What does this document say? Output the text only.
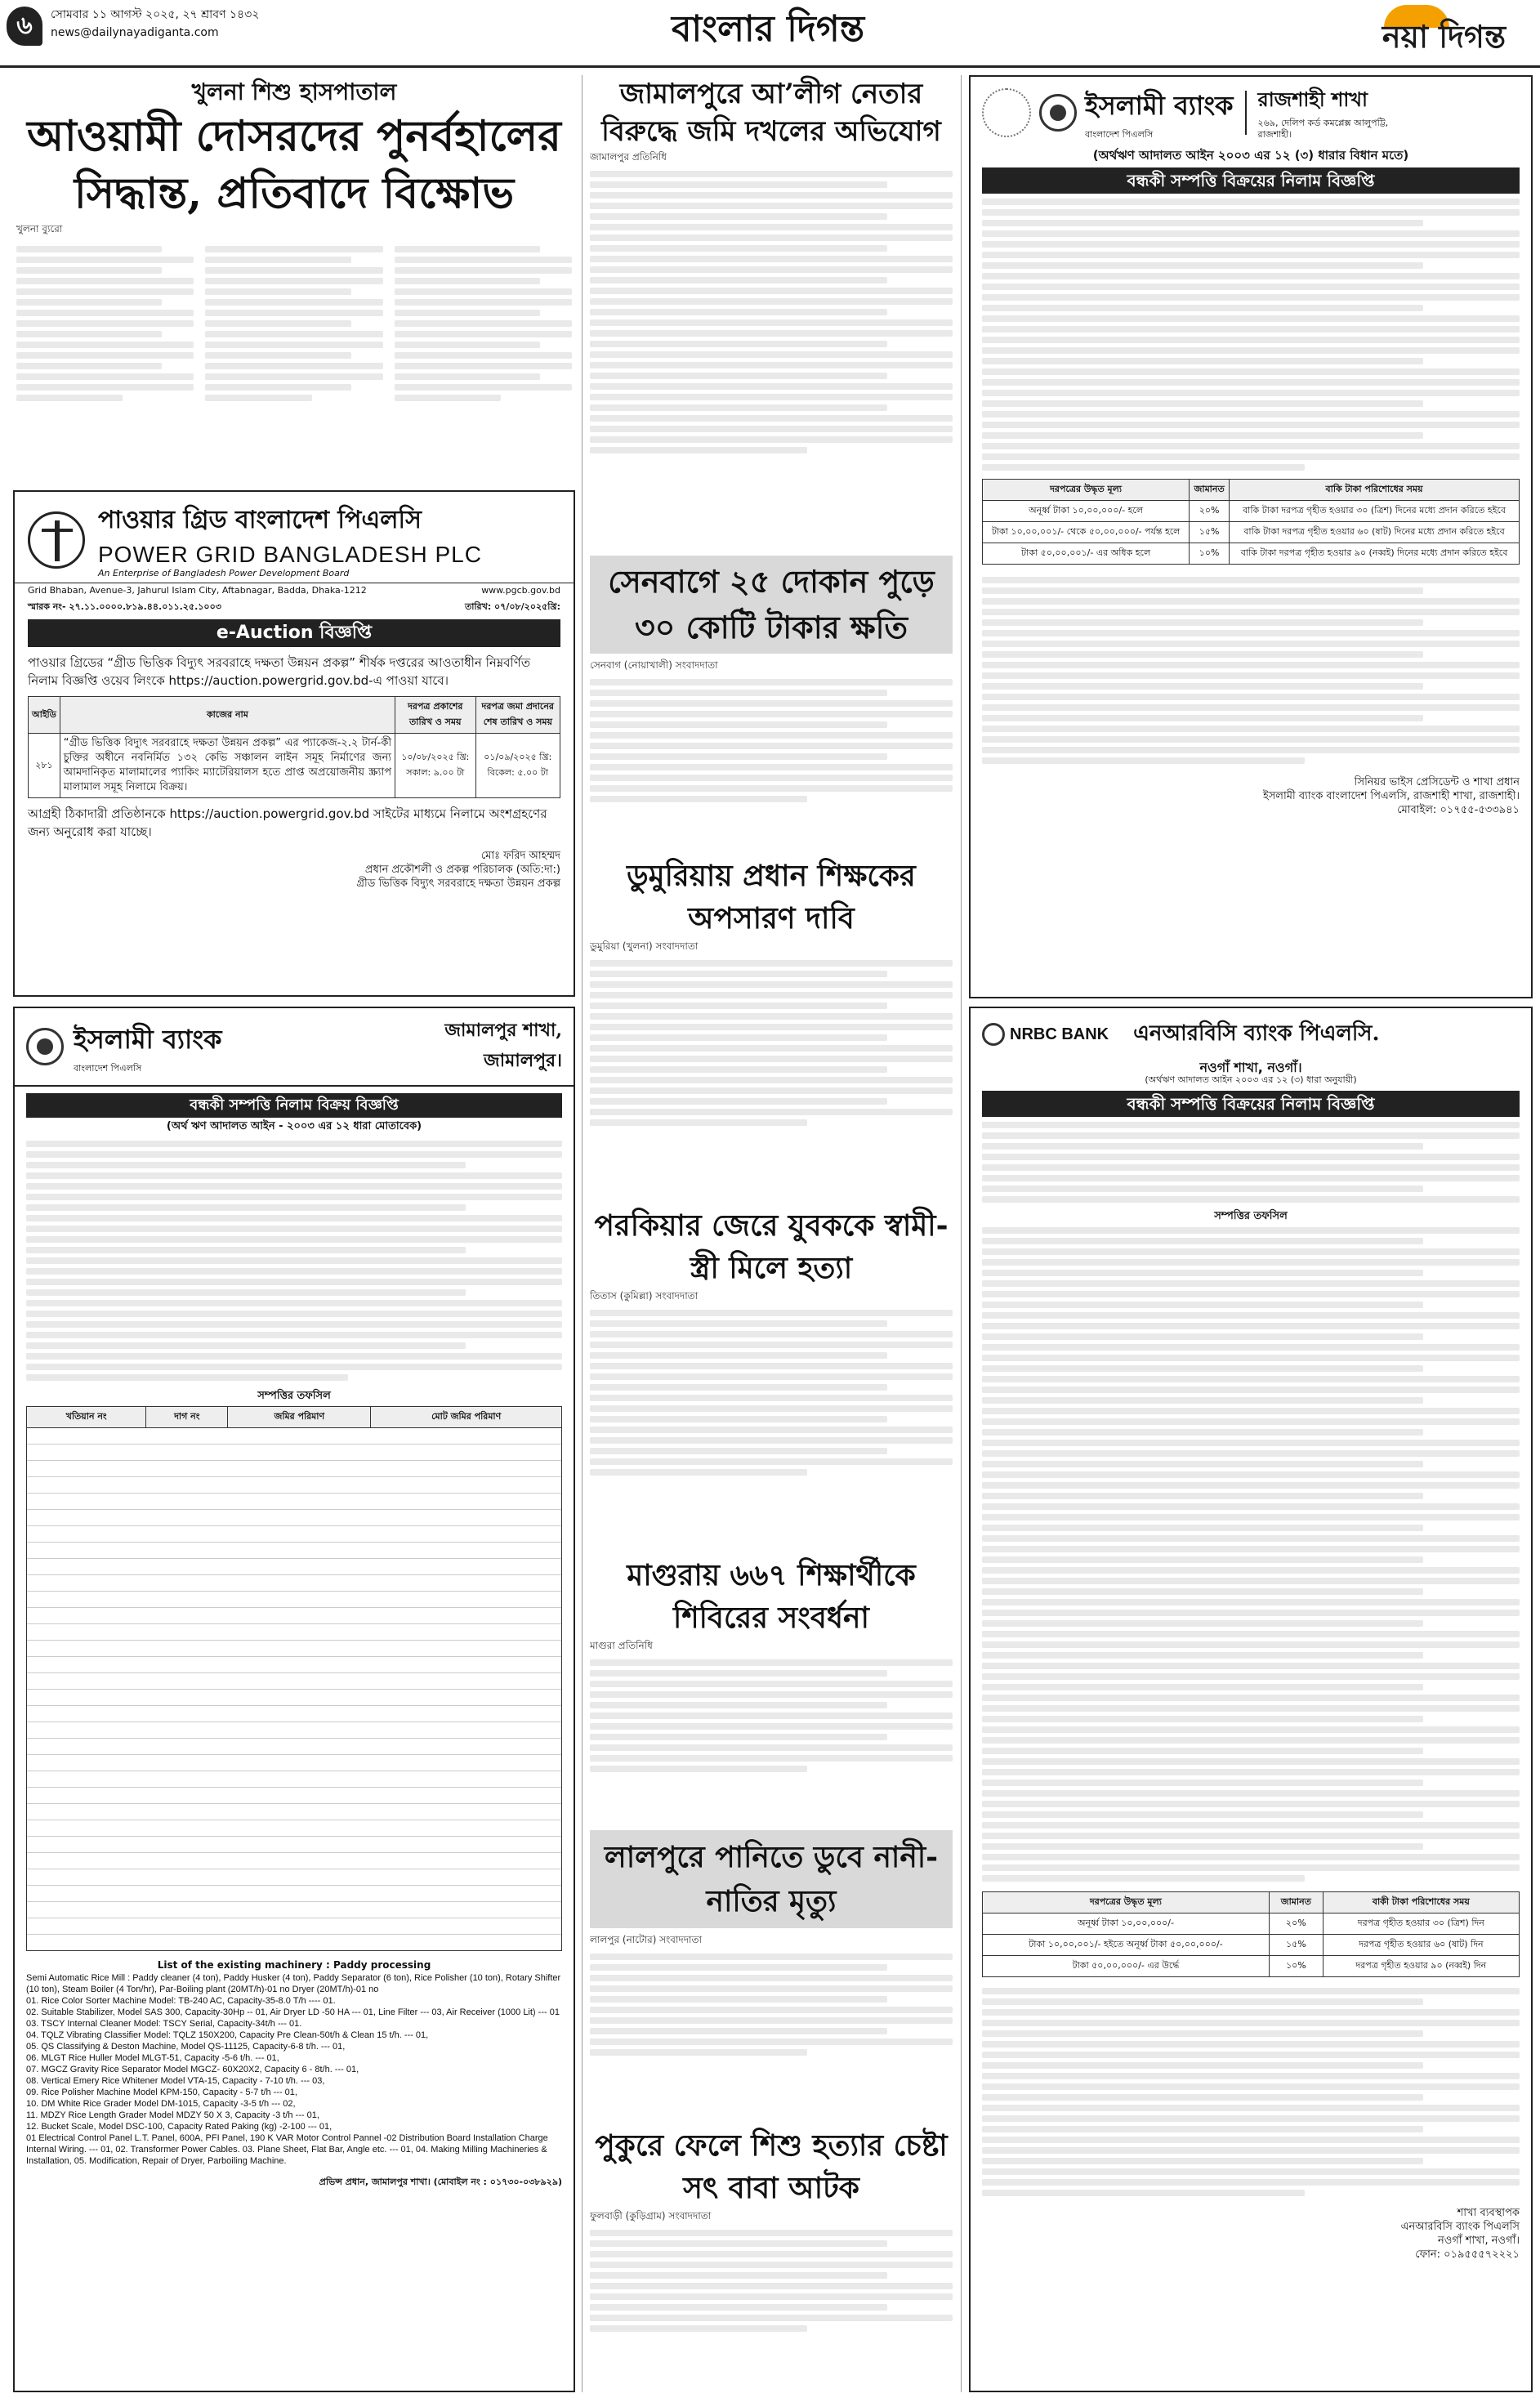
৬	সোমবার ১১ আগস্ট ২০২৫, ২৭ শ্রাবণ ১৪৩২
news@dailynayadiganta.com	বাংলার দিগন্ত	নয়া দিগন্ত
খুলনা শিশু হাসপাতাল
আওয়ামী দোসরদের পুনর্বহালের সিদ্ধান্ত, প্রতিবাদে বিক্ষোভ
খুলনা ব্যুরো
পাওয়ার গ্রিড বাংলাদেশ পিএলসি
POWER GRID BANGLADESH PLC
An Enterprise of Bangladesh Power Development Board
Grid Bhaban, Avenue-3, Jahurul Islam City, Aftabnagar, Badda, Dhaka-1212	www.pgcb.gov.bd
স্মারক নং- ২৭.১১.০০০০.৮১৯.৪৪.০১১.২৫.১০০৩	তারিখ: ০৭/০৮/২০২৫খ্রি:
e-Auction বিজ্ঞপ্তি
পাওয়ার গ্রিডের “গ্রীড ভিত্তিক বিদ্যুৎ সরবরাহে দক্ষতা উন্নয়ন প্রকল্প” শীর্ষক দপ্তরের আওতাধীন নিম্নবর্ণিত নিলাম বিজ্ঞপ্তি ওয়েব লিংকে https://auction.powergrid.gov.bd-এ পাওয়া যাবে।
আইডি	কাজের নাম	দরপত্র প্রকাশের তারিখ ও সময়	দরপত্র জমা প্রদানের শেষ তারিখ ও সময়
২৮১	“গ্রীড ভিত্তিক বিদ্যুৎ সরবরাহে দক্ষতা উন্নয়ন প্রকল্প” এর প্যাকেজ-২.২ টার্ন-কী চুক্তির অধীনে নবনির্মিত ১৩২ কেভি সঞ্চালন লাইন সমূহ নির্মাণের জন্য আমদানিকৃত মালামালের প্যাকিং ম্যাটেরিয়ালস হতে প্রাপ্ত অপ্রয়োজনীয় স্ক্র্যাপ মালামাল সমূহ নিলামে বিক্রয়।	১০/০৮/২০২৫ খ্রি: সকাল: ৯.০০ টা	০১/০৯/২০২৫ খ্রি: বিকেল: ৫.০০ টা
আগ্রহী ঠিকাদারী প্রতিষ্ঠানকে https://auction.powergrid.gov.bd সাইটের মাধ্যমে নিলামে অংশগ্রহণের জন্য অনুরোধ করা যাচ্ছে।
মোঃ ফরিদ আহম্মদ
প্রধান প্রকৌশলী ও প্রকল্প পরিচালক (অতি:দা:)
গ্রীড ভিত্তিক বিদ্যুৎ সরবরাহে দক্ষতা উন্নয়ন প্রকল্প
ইসলামী ব্যাংক
বাংলাদেশ পিএলসি
জামালপুর শাখা,
জামালপুর।
বন্ধকী সম্পত্তি নিলাম বিক্রয় বিজ্ঞপ্তি
(অর্থ ঋণ আদালত আইন - ২০০৩ এর ১২ ধারা মোতাবেক)
সম্পত্তির তফসিল
খতিয়ান নং	দাগ নং	জমির পরিমাণ	মোট জমির পরিমাণ
List of the existing machinery : Paddy processing
Semi Automatic Rice Mill : Paddy cleaner (4 ton), Paddy Husker (4 ton), Paddy Separator (6 ton), Rice Polisher (10 ton), Rotary Shifter (10 ton), Steam Boiler (4 Ton/hr), Par-Boiling plant (20MT/h)-01 no Dryer (20MT/h)-01 no
01. Rice Color Sorter Machine Model: TB-240 AC, Capacity-35-8.0 T/h ---- 01.
02. Suitable Stabilizer, Model SAS 300, Capacity-30Hp -- 01, Air Dryer LD -50 HA --- 01, Line Filter --- 03, Air Receiver (1000 Lit) --- 01
03. TSCY Internal Cleaner Model: TSCY Serial, Capacity-34t/h --- 01.
04. TQLZ Vibrating Classifier Model: TQLZ 150X200, Capacity Pre Clean-50t/h & Clean 15 t/h. --- 01,
05. QS Classifying & Deston Machine, Model QS-11125, Capacity-6-8 t/h. --- 01,
06. MLGT Rice Huller Model MLGT-51, Capacity -5-6 t/h. --- 01,
07. MGCZ Gravity Rice Separator Model MGCZ- 60X20X2, Capacity 6 - 8t/h. --- 01,
08. Vertical Emery Rice Whitener Model VTA-15, Capacity - 7-10 t/h. --- 03,
09. Rice Polisher Machine Model KPM-150, Capacity - 5-7 t/h --- 01,
10. DM White Rice Grader Model DM-1015, Capacity -3-5 t/h --- 02,
11. MDZY Rice Length Grader Model MDZY 50 X 3, Capacity -3 t/h --- 01,
12. Bucket Scale, Model DSC-100, Capacity Rated Paking (kg) -2-100 --- 01,
01 Electrical Control Panel L.T. Panel, 600A, PFI Panel, 190 K VAR Motor Control Pannel -02 Distribution Board Installation Charge Internal Wiring. --- 01, 02. Transformer Power Cables. 03. Plane Sheet, Flat Bar, Angle etc. --- 01, 04. Making Milling Machineries & Installation, 05. Modification, Repair of Dryer, Parboiling Machine.
প্রভিন্স প্রধান, জামালপুর শাখা। (মোবাইল নং : ০১৭৩০-০৩৮৯২৯)
জামালপুরে আ’লীগ নেতার বিরুদ্ধে জমি দখলের অভিযোগ
জামালপুর প্রতিনিধি
সেনবাগে ২৫ দোকান পুড়ে ৩০ কোটি টাকার ক্ষতি
সেনবাগ (নোয়াখালী) সংবাদদাতা
ডুমুরিয়ায় প্রধান শিক্ষকের অপসারণ দাবি
ডুমুরিয়া (খুলনা) সংবাদদাতা
পরকিয়ার জেরে যুবককে স্বামী-স্ত্রী মিলে হত্যা
তিতাস (কুমিল্লা) সংবাদদাতা
মাগুরায় ৬৬৭ শিক্ষার্থীকে শিবিরের সংবর্ধনা
মাগুরা প্রতিনিধি
লালপুরে পানিতে ডুবে নানী-নাতির মৃত্যু
লালপুর (নাটোর) সংবাদদাতা
পুকুরে ফেলে শিশু হত্যার চেষ্টা সৎ বাবা আটক
ফুলবাড়ী (কুড়িগ্রাম) সংবাদদাতা
ইসলামী ব্যাংক
বাংলাদেশ পিএলসি
রাজশাহী শাখা
২৬৯, দেলিপ কর্ড কমপ্লেক্স আলুপট্টি, রাজশাহী।
(অর্থঋণ আদালত আইন ২০০৩ এর ১২ (৩) ধারার বিধান মতে)
বন্ধকী সম্পত্তি বিক্রয়ের নিলাম বিজ্ঞপ্তি
দরপত্রের উদ্ধৃত মূল্য	জামানত	বাকি টাকা পরিশোধের সময়
অনূর্ধ্ব টাকা ১০,০০,০০০/- হলে	২০%	বাকি টাকা দরপত্র গৃহীত হওয়ার ৩০ (ত্রিশ) দিনের মধ্যে প্রদান করিতে হইবে
টাকা ১০,০০,০০১/- থেকে ৫০,০০,০০০/- পর্যন্ত হলে	১৫%	বাকি টাকা দরপত্র গৃহীত হওয়ার ৬০ (ষাট) দিনের মধ্যে প্রদান করিতে হইবে
টাকা ৫০,০০,০০১/- এর অধিক হলে	১০%	বাকি টাকা দরপত্র গৃহীত হওয়ার ৯০ (নব্বই) দিনের মধ্যে প্রদান করিতে হইবে
সিনিয়র ভাইস প্রেসিডেন্ট ও শাখা প্রধান
ইসলামী ব্যাংক বাংলাদেশ পিএলসি, রাজশাহী শাখা, রাজশাহী।
মোবাইল: ০১৭৫৫-৫৩৩৯৪১
NRBC BANK এনআরবিসি ব্যাংক পিএলসি.
নওগাঁ শাখা, নওগাঁ।
(অর্থঋণ আদালত আইন ২০০৩ এর ১২ (৩) ধারা অনুযায়ী)
বন্ধকী সম্পত্তি বিক্রয়ের নিলাম বিজ্ঞপ্তি
সম্পত্তির তফসিল
দরপত্রের উদ্ধৃত মূল্য	জামানত	বাকী টাকা পরিশোধের সময়
অনূর্ধ্ব টাকা ১০,০০,০০০/-	২০%	দরপত্র গৃহীত হওয়ার ৩০ (ত্রিশ) দিন
টাকা ১০,০০,০০১/- হইতে অনূর্ধ্ব টাকা ৫০,০০,০০০/-	১৫%	দরপত্র গৃহীত হওয়ার ৬০ (ষাট) দিন
টাকা ৫০,০০,০০০/- এর উর্দ্ধে	১০%	দরপত্র গৃহীত হওয়ার ৯০ (নব্বই) দিন
শাখা ব্যবস্থাপক
এনআরবিসি ব্যাংক পিএলসি
নওগাঁ শাখা, নওগাঁ।
ফোন: ০১৯৫৫৫৭২২২১
